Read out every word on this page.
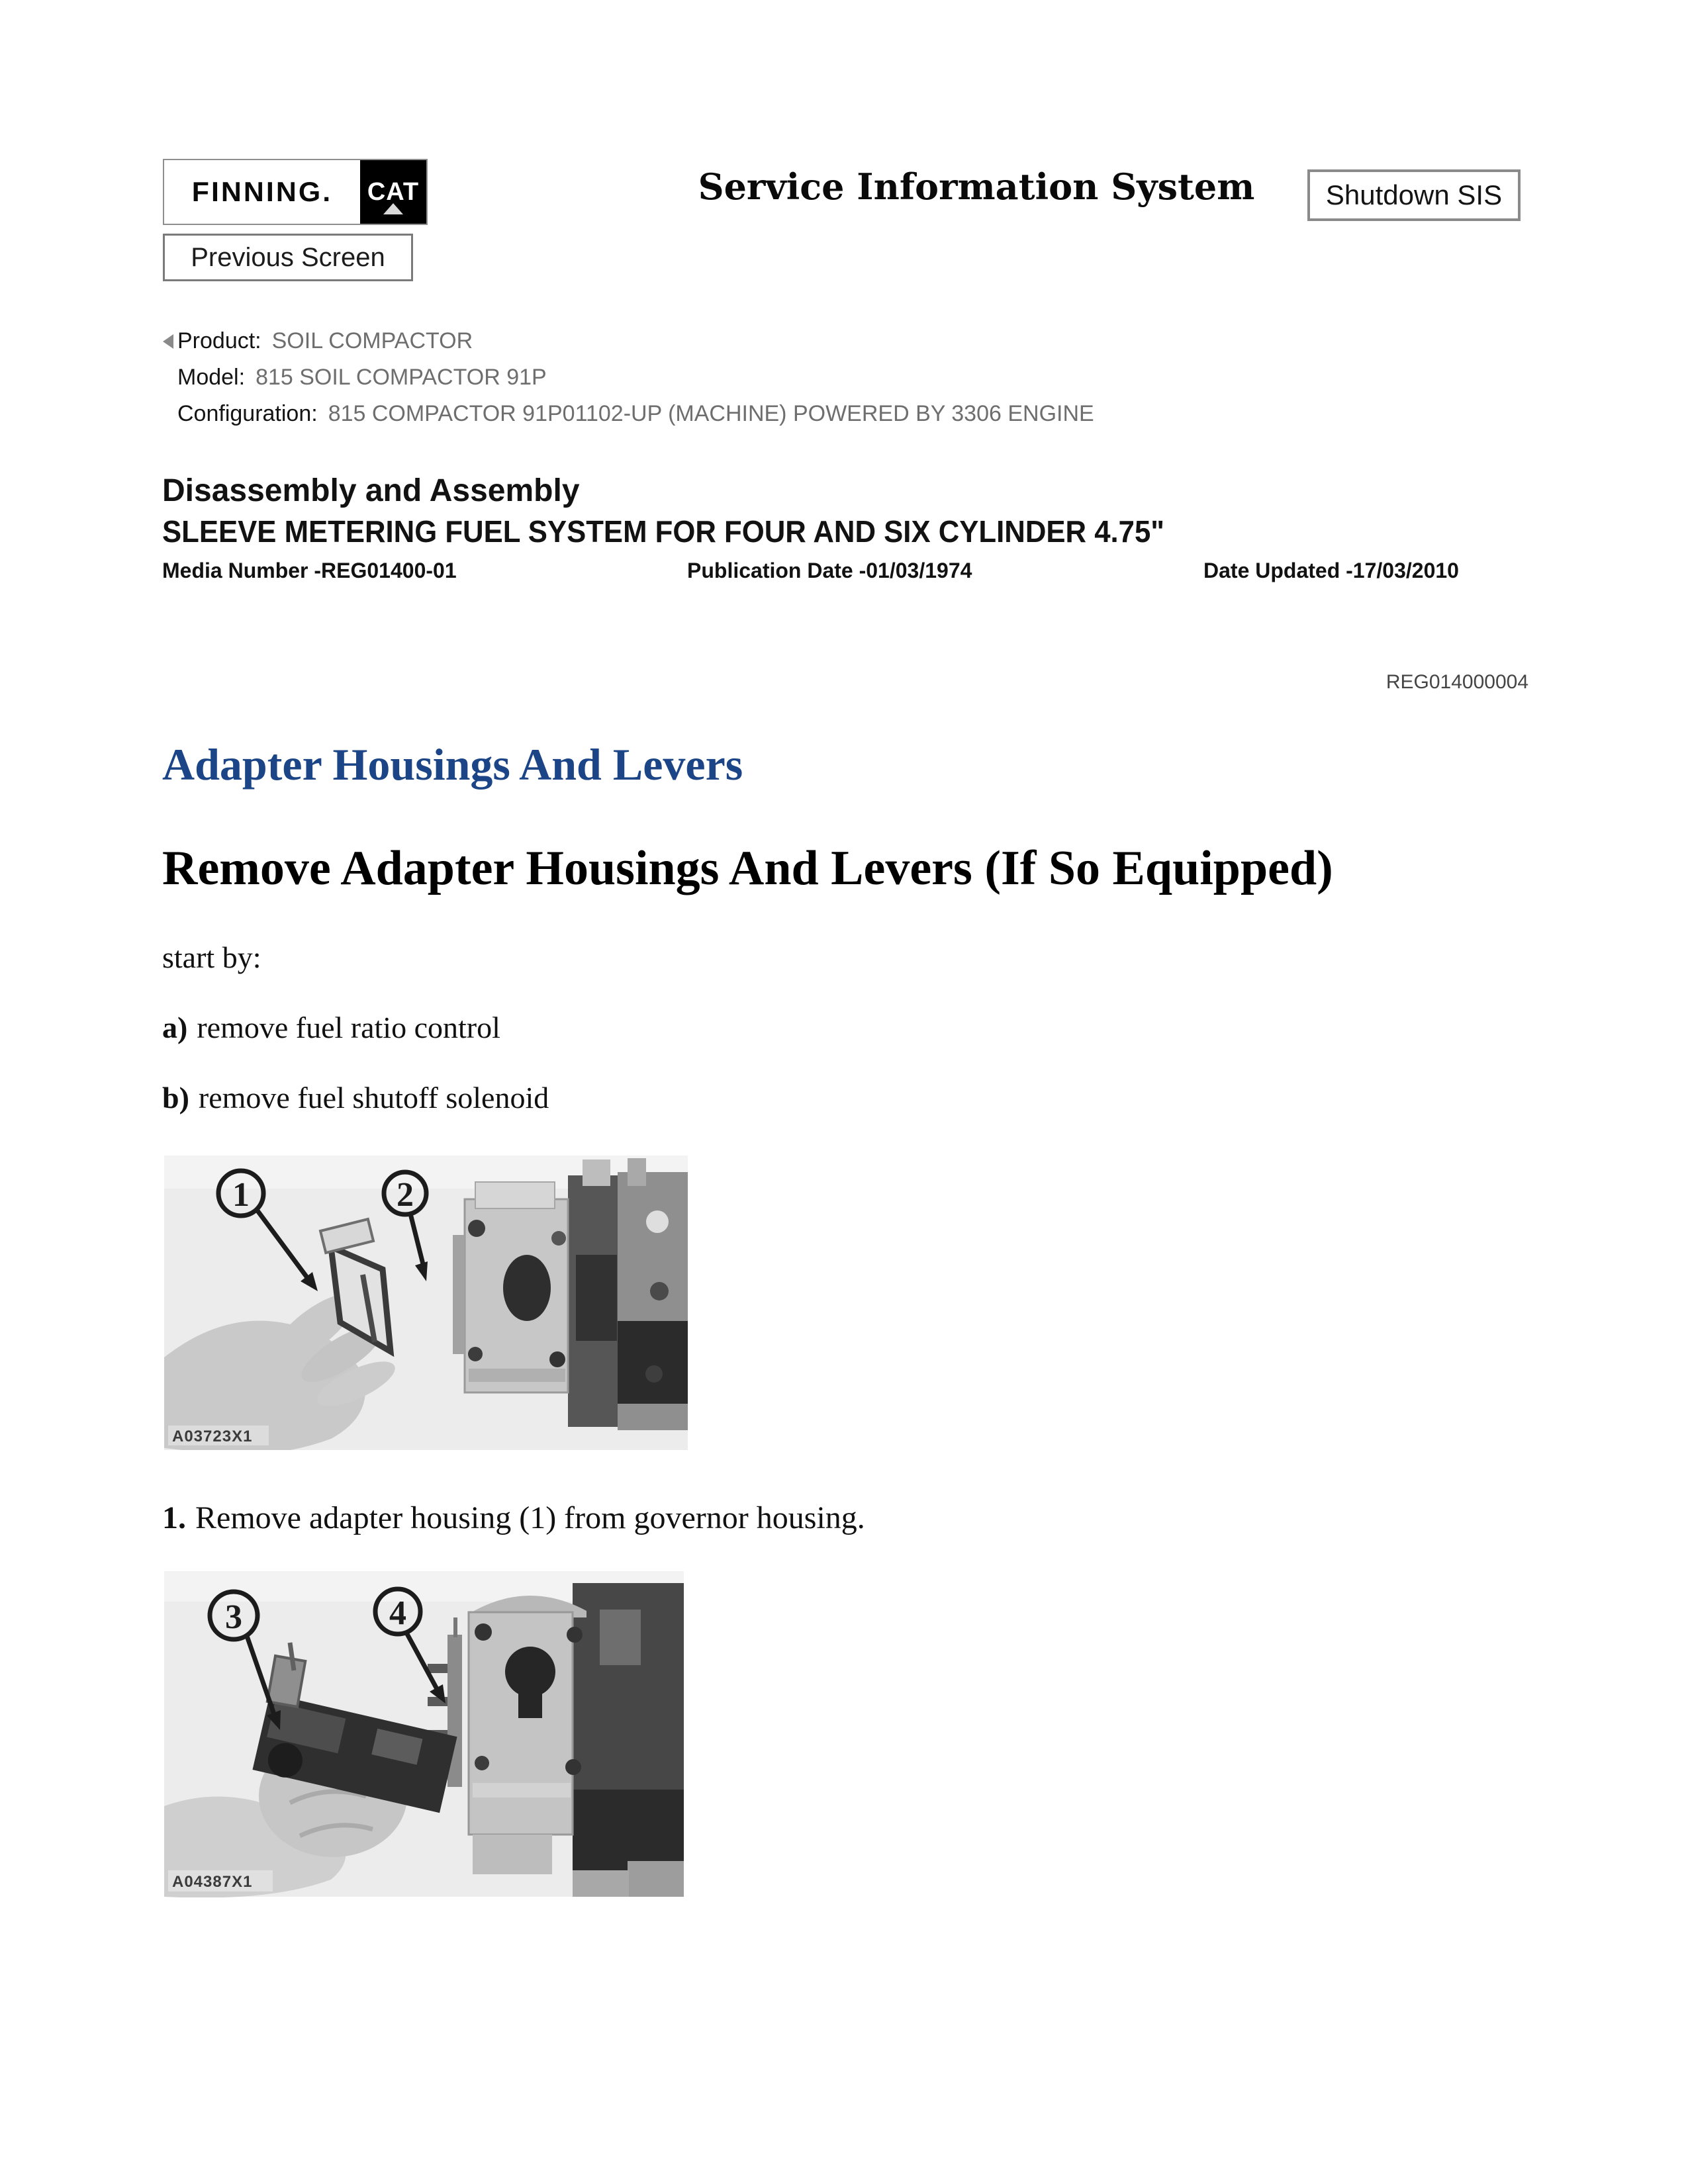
FINNING.	CAT	Service Information System	Shutdown SIS
Previous Screen
Product: SOIL COMPACTOR
Model: 815 SOIL COMPACTOR 91P
Configuration: 815 COMPACTOR 91P01102-UP (MACHINE) POWERED BY 3306 ENGINE
Disassembly and Assembly
SLEEVE METERING FUEL SYSTEM FOR FOUR AND SIX CYLINDER 4.75"
Media Number -REG01400-01	Publication Date -01/03/1974	Date Updated -17/03/2010
REG014000004
Adapter Housings And Levers
Remove Adapter Housings And Levers (If So Equipped)
start by:
a) remove fuel ratio control
b) remove fuel shutoff solenoid
1	2
A03723X1
1. Remove adapter housing (1) from governor housing.
3	4
A04387X1
